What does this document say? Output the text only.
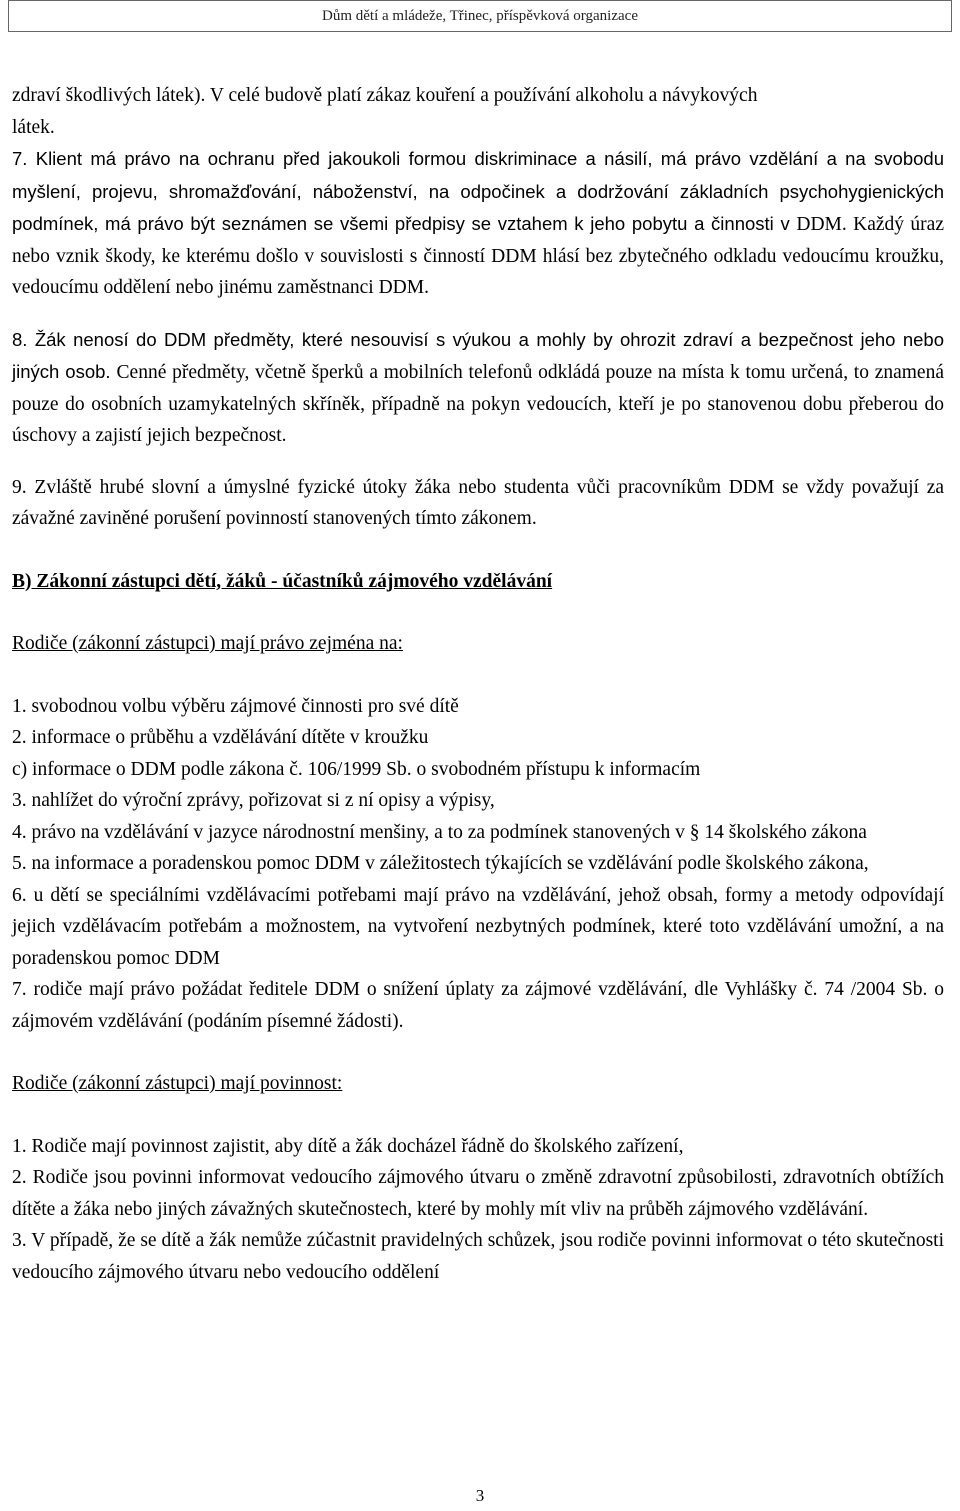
Dům dětí a mládeže, Třinec, příspěvková organizace

zdraví škodlivých látek). V celé budově platí zákaz kouření a používání alkoholu a návykových

látek.

7. Klient má právo na ochranu před jakoukoli formou diskriminace a násilí, má právo vzdělání a na svobodu myšlení, projevu, shromažďování, náboženství, na odpočinek a dodržování základních psychohygienických podmínek, má právo být seznámen se všemi předpisy se vztahem k jeho pobytu a činnosti v DDM. Každý úraz nebo vznik škody, ke kterému došlo v souvislosti s činností DDM hlásí bez zbytečného odkladu vedoucímu kroužku, vedoucímu oddělení nebo jinému zaměstnanci DDM.

8. Žák nenosí do DDM předměty, které nesouvisí s výukou a mohly by ohrozit zdraví a bezpečnost jeho nebo jiných osob. Cenné předměty, včetně šperků a mobilních telefonů odkládá pouze na místa k tomu určená, to znamená pouze do osobních uzamykatelných skříněk, případně na pokyn vedoucích, kteří je po stanovenou dobu přeberou do úschovy a zajistí jejich bezpečnost.

9. Zvláště hrubé slovní a úmyslné fyzické útoky žáka nebo studenta vůči pracovníkům DDM se vždy považují za závažné zaviněné porušení povinností stanovených tímto zákonem.

B) Zákonní zástupci dětí, žáků - účastníků zájmového vzdělávání

Rodiče (zákonní zástupci) mají právo zejména na:

1. svobodnou volbu výběru zájmové činnosti pro své dítě

2. informace o průběhu a vzdělávání dítěte v kroužku

c) informace o DDM podle zákona č. 106/1999 Sb. o svobodném přístupu k informacím

3. nahlížet do výroční zprávy, pořizovat si z ní opisy a výpisy,

4. právo na vzdělávání v jazyce národnostní menšiny, a to za podmínek stanovených v § 14 školského zákona

5. na informace a poradenskou pomoc DDM v záležitostech týkajících se vzdělávání podle školského zákona,

6. u dětí se speciálními vzdělávacími potřebami mají právo na vzdělávání, jehož obsah, formy a metody odpovídají jejich vzdělávacím potřebám a možnostem, na vytvoření nezbytných podmínek, které toto vzdělávání umožní, a na poradenskou pomoc DDM

7. rodiče mají právo požádat ředitele DDM o snížení úplaty za zájmové vzdělávání, dle Vyhlášky č. 74 /2004 Sb. o zájmovém vzdělávání (podáním písemné žádosti).

Rodiče (zákonní zástupci) mají povinnost:

1. Rodiče mají povinnost zajistit, aby dítě a žák docházel řádně do školského zařízení,

2. Rodiče jsou povinni informovat vedoucího zájmového útvaru o změně zdravotní způsobilosti, zdravotních obtížích dítěte a žáka nebo jiných závažných skutečnostech, které by mohly mít vliv na průběh zájmového vzdělávání.

3. V případě, že se dítě a žák nemůže zúčastnit pravidelných schůzek, jsou rodiče povinni informovat o této skutečnosti vedoucího zájmového útvaru nebo vedoucího oddělení

3
